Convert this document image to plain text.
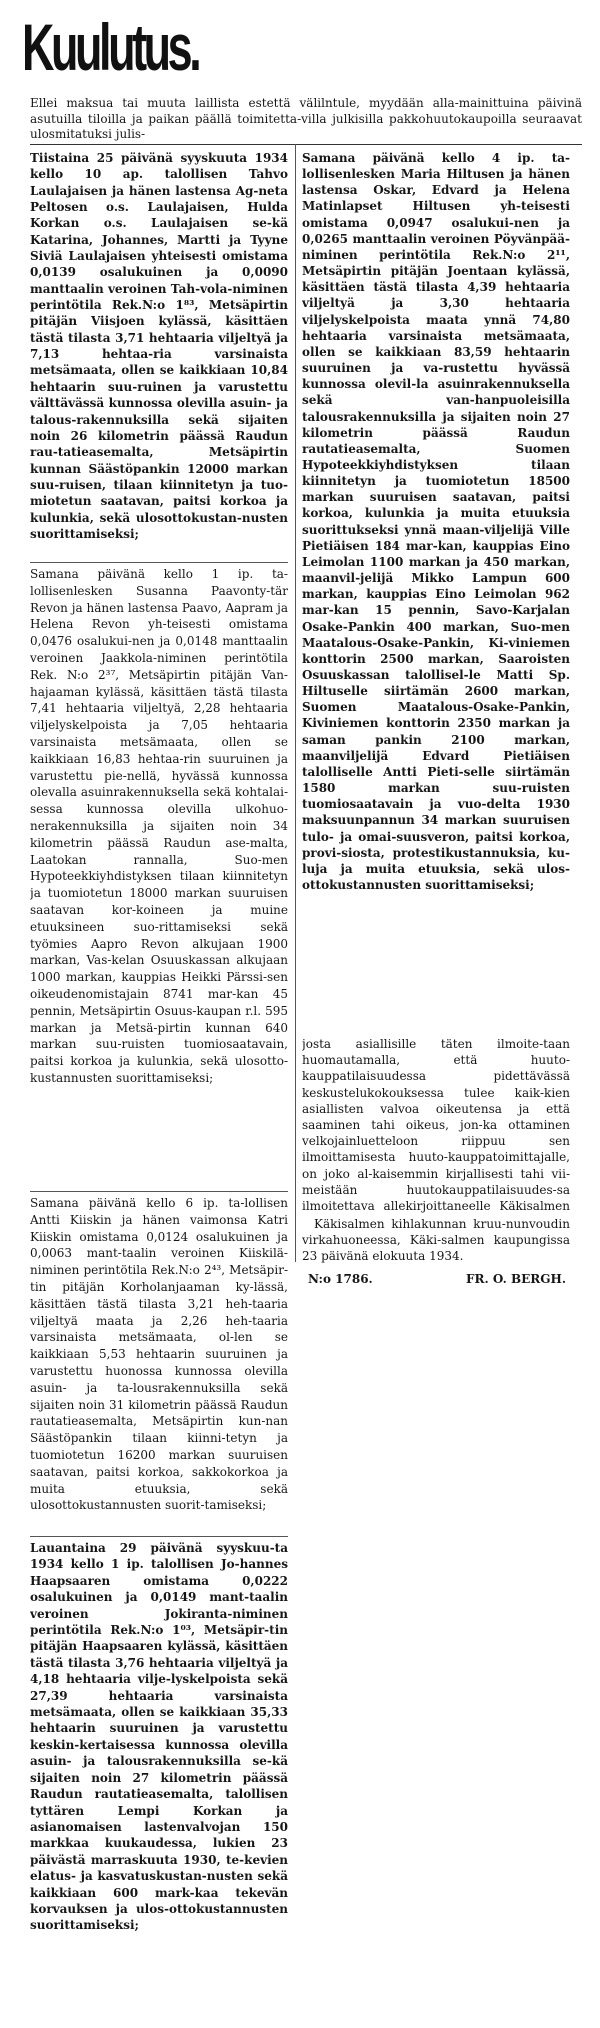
Kuulutus.

Ellei maksua tai muuta laillista estettä välilntule, myydään alla-mainittuina päivinä asutuilla tiloilla ja paikan päällä toimitetta-villa julkisilla pakkohuutokaupoilla seuraavat ulosmitatuksi julis-

Tiistaina 25 päivänä syyskuuta 1934 kello 10 ap. talollisen Tahvo Laulajaisen ja hänen lastensa Ag-neta Peltosen o.s. Laulajaisen, Hulda Korkan o.s. Laulajaisen se-kä Katarina, Johannes, Martti ja Tyyne Siviä Laulajaisen yhteisesti omistama 0,0139 osalukuinen ja 0,0090 manttaalin veroinen Tah-vola-niminen perintötila Rek.N:o 1⁸³, Metsäpirtin pitäjän Viisjoen kylässä, käsittäen tästä tilasta 3,71 hehtaaria viljeltyä ja 7,13 hehtaa-ria varsinaista metsämaata, ollen se kaikkiaan 10,84 hehtaarin suu-ruinen ja varustettu välttävässä kunnossa olevilla asuin- ja talous-rakennuksilla sekä sijaiten noin 26 kilometrin päässä Raudun rau-tatieasemalta, Metsäpirtin kunnan Säästöpankin 12000 markan suu-ruisen, tilaan kiinnitetyn ja tuo-miotetun saatavan, paitsi korkoa ja kulunkia, sekä ulosottokustan-nusten suorittamiseksi;

Samana päivänä kello 1 ip. ta-lollisenlesken Susanna Paavonty-tär Revon ja hänen lastensa Paavo, Aapram ja Helena Revon yh-teisesti omistama 0,0476 osalukui-nen ja 0,0148 manttaalin veroinen Jaakkola-niminen perintötila Rek. N:o 2³⁷, Metsäpirtin pitäjän Van-hajaaman kylässä, käsittäen tästä tilasta 7,41 hehtaaria viljeltyä, 2,28 hehtaaria viljelyskelpoista ja 7,05 hehtaaria varsinaista metsämaata, ollen se kaikkiaan 16,83 hehtaa-rin suuruinen ja varustettu pie-nellä, hyvässä kunnossa olevalla asuinrakennuksella sekä kohtalai-sessa kunnossa olevilla ulkohuo-nerakennuksilla ja sijaiten noin 34 kilometrin päässä Raudun ase-malta, Laatokan rannalla, Suo-men Hypoteekkiyhdistyksen tilaan kiinnitetyn ja tuomiotetun 18000 markan suuruisen saatavan kor-koineen ja muine etuuksineen suo-rittamiseksi sekä työmies Aapro Revon alkujaan 1900 markan, Vas-kelan Osuuskassan alkujaan 1000 markan, kauppias Heikki Pärssi-sen oikeudenomistajain 8741 mar-kan 45 pennin, Metsäpirtin Osuus-kaupan r.l. 595 markan ja Metsä-pirtin kunnan 640 markan suu-ruisten tuomiosaatavain, paitsi korkoa ja kulunkia, sekä ulosotto-kustannusten suorittamiseksi;

Samana päivänä kello 6 ip. ta-lollisen Antti Kiiskin ja hänen vaimonsa Katri Kiiskin omistama 0,0124 osalukuinen ja 0,0063 mant-taalin veroinen Kiiskilä-niminen perintötila Rek.N:o 2⁴³, Metsäpir-tin pitäjän Korholanjaaman ky-lässä, käsittäen tästä tilasta 3,21 heh-taaria viljeltyä maata ja 2,26 heh-taaria varsinaista metsämaata, ol-len se kaikkiaan 5,53 hehtaarin suuruinen ja varustettu huonossa kunnossa olevilla asuin- ja ta-lousrakennuksilla sekä sijaiten noin 31 kilometrin päässä Raudun rautatieasemalta, Metsäpirtin kun-nan Säästöpankin tilaan kiinni-tetyn ja tuomiotetun 16200 markan suuruisen saatavan, paitsi korkoa, sakkokorkoa ja muita etuuksia, sekä ulosottokustannusten suorit-tamiseksi;

Lauantaina 29 päivänä syyskuu-ta 1934 kello 1 ip. talollisen Jo-hannes Haapsaaren omistama 0,0222 osalukuinen ja 0,0149 mant-taalin veroinen Jokiranta-niminen perintötila Rek.N:o 1⁰³, Metsäpir-tin pitäjän Haapsaaren kylässä, käsittäen tästä tilasta 3,76 hehtaaria viljeltyä ja 4,18 hehtaaria vilje-lyskelpoista sekä 27,39 hehtaaria varsinaista metsämaata, ollen se kaikkiaan 35,33 hehtaarin suuruinen ja varustettu keskin-kertaisessa kunnossa olevilla asuin- ja talousrakennuksilla se-kä sijaiten noin 27 kilometrin päässä Raudun rautatieasemalta, talollisen tyttären Lempi Korkan ja asianomaisen lastenvalvojan 150 markkaa kuukaudessa, lukien 23 päivästä marraskuuta 1930, te-kevien elatus- ja kasvatuskustan-nusten sekä kaikkiaan 600 mark-kaa tekevän korvauksen ja ulos-ottokustannusten suorittamiseksi;

Samana päivänä kello 4 ip. ta-lollisenlesken Maria Hiltusen ja hänen lastensa Oskar, Edvard ja Helena Matinlapset Hiltusen yh-teisesti omistama 0,0947 osalukui-nen ja 0,0265 manttaalin veroinen Pöyvänpää-niminen perintötila Rek.N:o 2¹¹, Metsäpirtin pitäjän Joentaan kylässä, käsittäen tästä tilasta 4,39 hehtaaria viljeltyä ja 3,30 hehtaaria viljelyskelpoista maata ynnä 74,80 hehtaaria varsinaista metsämaata, ollen se kaikkiaan 83,59 hehtaarin suuruinen ja va-rustettu hyvässä kunnossa olevil-la asuinrakennuksella sekä van-hanpuoleisilla talousrakennuksilla ja sijaiten noin 27 kilometrin päässä Raudun rautatieasemalta, Suomen Hypoteekkiyhdistyksen tilaan kiinnitetyn ja tuomiotetun 18500 markan suuruisen saatavan, paitsi korkoa, kulunkia ja muita etuuksia suorittukseksi ynnä maan-viljelijä Ville Pietiäisen 184 mar-kan, kauppias Eino Leimolan 1100 markan ja 450 markan, maanvil-jelijä Mikko Lampun 600 markan, kauppias Eino Leimolan 962 mar-kan 15 pennin, Savo-Karjalan Osake-Pankin 400 markan, Suo-men Maatalous-Osake-Pankin, Ki-viniemen konttorin 2500 markan, Saaroisten Osuuskassan talollisel-le Matti Sp. Hiltuselle siirtämän 2600 markan, Suomen Maatalous-Osake-Pankin, Kiviniemen konttorin 2350 markan ja saman pankin 2100 markan, maanviljelijä Edvard Pietiäisen talolliselle Antti Pieti-selle siirtämän 1580 markan suu-ruisten tuomiosaatavain ja vuo-delta 1930 maksuunpannun 34 markan suuruisen tulo- ja omai-suusveron, paitsi korkoa, provi-siosta, protestikustannuksia, ku-luja ja muita etuuksia, sekä ulos-ottokustannusten suorittamiseksi;

josta asiallisille täten ilmoite-taan huomautamalla, että huuto-kauppatilaisuudessa pidettävässä keskustelukokouksessa tulee kaik-kien asiallisten valvoa oikeutensa ja että saaminen tahi oikeus, jon-ka ottaminen velkojainluetteloon riippuu sen ilmoittamisesta huuto-kauppatoimittajalle, on joko al-kaisemmin kirjallisesti tahi vii-meistään huutokauppatilaisuudes-sa ilmoitettava allekirjoittaneelle Käkisalmen

Käkisalmen kihlakunnan kruu-nunvoudin virkahuoneessa, Käki-salmen kaupungissa 23 päivänä elokuuta 1934.

N:o 1786.	FR. O. BERGH.
